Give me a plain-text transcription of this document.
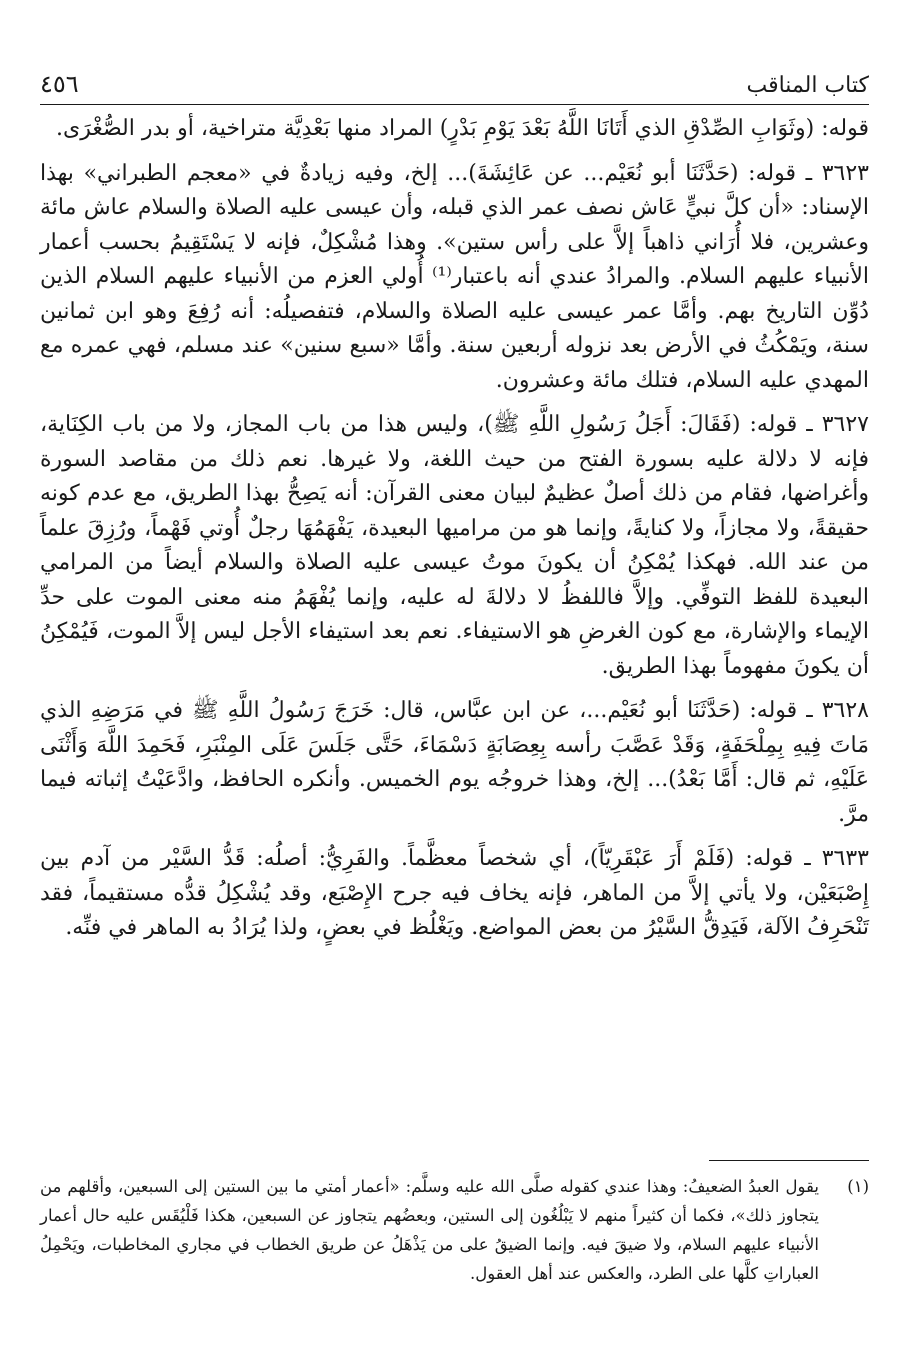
كتاب المناقب
٤٥٦

قوله: (وثَوَابِ الصِّدْقِ الذي أَتَانَا اللَّهُ بَعْدَ يَوْمِ بَدْرٍ) المراد منها بَعْدِيَّة متراخية، أو بدر الصُّغْرَى.

٣٦٢٣ ـ قوله: (حَدَّثَنَا أبو نُعَيْم... عن عَائِشَةَ)... إلخ، وفيه زيادةٌ في «معجم الطبراني» بهذا الإسناد: «أن كلَّ نبيٍّ عَاش نصف عمر الذي قبله، وأن عيسى عليه الصلاة والسلام عاش مائة وعشرين، فلا أُرَاني ذاهباً إلاَّ على رأس ستين». وهذا مُشْكِلٌ، فإنه لا يَسْتَقِيمُ بحسب أعمار الأنبياء عليهم السلام. والمرادُ عندي أنه باعتبار⁽¹⁾ أُولي العزم من الأنبياء عليهم السلام الذين دُوِّن التاريخ بهم. وأمَّا عمر عيسى عليه الصلاة والسلام، فتفصيلُه: أنه رُفِعَ وهو ابن ثمانين سنة، ويَمْكُثُ في الأرض بعد نزوله أربعين سنة. وأمَّا «سبع سنين» عند مسلم، فهي عمره مع المهدي عليه السلام، فتلك مائة وعشرون.

٣٦٢٧ ـ قوله: (فَقَالَ: أَجَلُ رَسُولِ اللَّهِ ﷺ)، وليس هذا من باب المجاز، ولا من باب الكِنَاية، فإنه لا دلالة عليه بسورة الفتح من حيث اللغة، ولا غيرها. نعم ذلك من مقاصد السورة وأغراضها، فقام من ذلك أصلٌ عظيمٌ لبيان معنى القرآن: أنه يَصِحُّ بهذا الطريق، مع عدم كونه حقيقةً، ولا مجازاً، ولا كنايةً، وإنما هو من مراميها البعيدة، يَفْهَمُهَا رجلٌ أُوتي فَهْماً، ورُزِقَ علماً من عند الله. فهكذا يُمْكِنُ أن يكونَ موتُ عيسى عليه الصلاة والسلام أيضاً من المرامي البعيدة للفظ التوفِّي. وإلاَّ فاللفظُ لا دلالةَ له عليه، وإنما يُفْهَمُ منه معنى الموت على حدِّ الإيماء والإشارة، مع كون الغرضِ هو الاستيفاء. نعم بعد استيفاء الأجل ليس إلاَّ الموت، فَيُمْكِنُ أن يكونَ مفهوماً بهذا الطريق.

٣٦٢٨ ـ قوله: (حَدَّثَنَا أبو نُعَيْم...، عن ابن عبَّاس، قال: خَرَجَ رَسُولُ اللَّهِ ﷺ في مَرَضِهِ الذي مَاتَ فِيهِ بِمِلْحَفَةٍ، وَقَدْ عَصَّبَ رأسه بِعِصَابَةٍ دَسْمَاءَ، حَتَّى جَلَسَ عَلَى المِنْبَرِ، فَحَمِدَ اللَّهَ وَأَثْنَى عَلَيْهِ، ثم قال: أَمَّا بَعْدُ)... إلخ، وهذا خروجُه يوم الخميس. وأنكره الحافظ، وادَّعَيْتُ إثباته فيما مرَّ.

٣٦٣٣ ـ قوله: (فَلَمْ أَرَ عَبْقَرِيّاً)، أي شخصاً معظَّماً. والفَرِيُّ: أصلُه: قَدُّ السَّيْر من آدم بين إِصْبَعَيْن، ولا يأتي إلاَّ من الماهر، فإنه يخاف فيه جرح الإِصْبَع، وقد يُشْكِلُ قدُّه مستقيماً، فقد تَنْحَرِفُ الآلة، فَيَدِقُّ السَّيْرُ من بعض المواضع. ويَغْلُظ في بعضٍ، ولذا يُرَادُ به الماهر في فنِّه.

(١)
يقول العبدُ الضعيفُ: وهذا عندي كقوله صلَّى الله عليه وسلَّم: «أعمار أمتي ما بين الستين إلى السبعين، وأقلهم من يتجاوز ذلك»، فكما أن كثيراً منهم لا يَبْلُغُون إلى الستين، وبعضُهم يتجاوز عن السبعين، هكذا فَلْيُقَس عليه حال أعمار الأنبياء عليهم السلام، ولا ضيقَ فيه. وإنما الضيقُ على من يَذْهَلُ عن طريق الخطاب في مجاري المخاطبات، ويَحْمِلُ العباراتِ كلَّها على الطرد، والعكس عند أهل العقول.
